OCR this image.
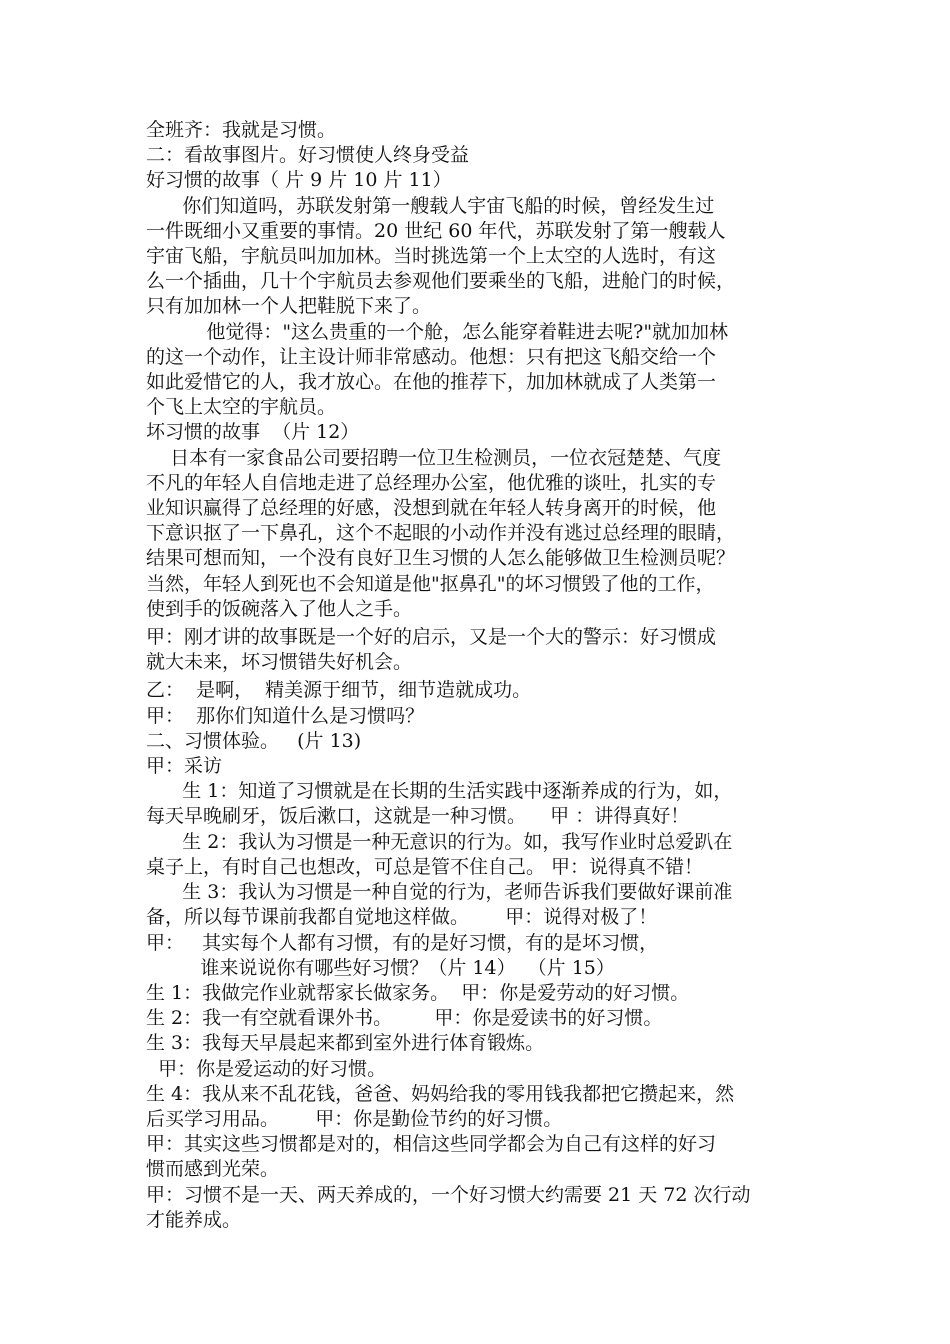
全班齐：我就是习惯。
二：看故事图片。好习惯使人终身受益
好习惯的故事（ 片 9 片 10 片 11）
你们知道吗，苏联发射第一艘载人宇宙飞船的时候，曾经发生过
一件既细小又重要的事情。20 世纪 60 年代，苏联发射了第一艘载人
宇宙飞船，宇航员叫加加林。当时挑选第一个上太空的人选时，有这
么一个插曲，几十个宇航员去参观他们要乘坐的飞船，进舱门的时候，
只有加加林一个人把鞋脱下来了。
他觉得："这么贵重的一个舱，怎么能穿着鞋进去呢?"就加加林
的这一个动作，让主设计师非常感动。他想：只有把这飞船交给一个
如此爱惜它的人，我才放心。在他的推荐下，加加林就成了人类第一
个飞上太空的宇航员。
坏习惯的故事  （片 12）
日本有一家食品公司要招聘一位卫生检测员，一位衣冠楚楚、气度
不凡的年轻人自信地走进了总经理办公室，他优雅的谈吐，扎实的专
业知识赢得了总经理的好感，没想到就在年轻人转身离开的时候，他
下意识抠了一下鼻孔，这个不起眼的小动作并没有逃过总经理的眼睛，
结果可想而知，一个没有良好卫生习惯的人怎么能够做卫生检测员呢？
当然，年轻人到死也不会知道是他"抠鼻孔"的坏习惯毁了他的工作，
使到手的饭碗落入了他人之手。
甲：刚才讲的故事既是一个好的启示，又是一个大的警示：好习惯成
就大未来，坏习惯错失好机会。
乙：  是啊，  精美源于细节，细节造就成功。
甲：  那你们知道什么是习惯吗？
二、习惯体验。   (片 13)
甲：采访
生 1：知道了习惯就是在长期的生活实践中逐渐养成的行为，如，
每天早晚刷牙，饭后漱口，这就是一种习惯。    甲 ：讲得真好！
生 2：我认为习惯是一种无意识的行为。如，我写作业时总爱趴在
桌子上，有时自己也想改，可总是管不住自己。 甲：说得真不错！
生 3：我认为习惯是一种自觉的行为，老师告诉我们要做好课前准
备，所以每节课前我都自觉地这样做。      甲：说得对极了！
甲：   其实每个人都有习惯，有的是好习惯，有的是坏习惯，
谁来说说你有哪些好习惯？（片 14）  （片 15）
生 1：我做完作业就帮家长做家务。  甲：你是爱劳动的好习惯。
生 2：我一有空就看课外书。       甲：你是爱读书的好习惯。
生 3：我每天早晨起来都到室外进行体育锻炼。
甲：你是爱运动的好习惯。
生 4：我从来不乱花钱，爸爸、妈妈给我的零用钱我都把它攒起来，然
后买学习用品。      甲：你是勤俭节约的好习惯。
甲：其实这些习惯都是对的，相信这些同学都会为自己有这样的好习
惯而感到光荣。
甲：习惯不是一天、两天养成的，一个好习惯大约需要 21 天 72 次行动
才能养成。
